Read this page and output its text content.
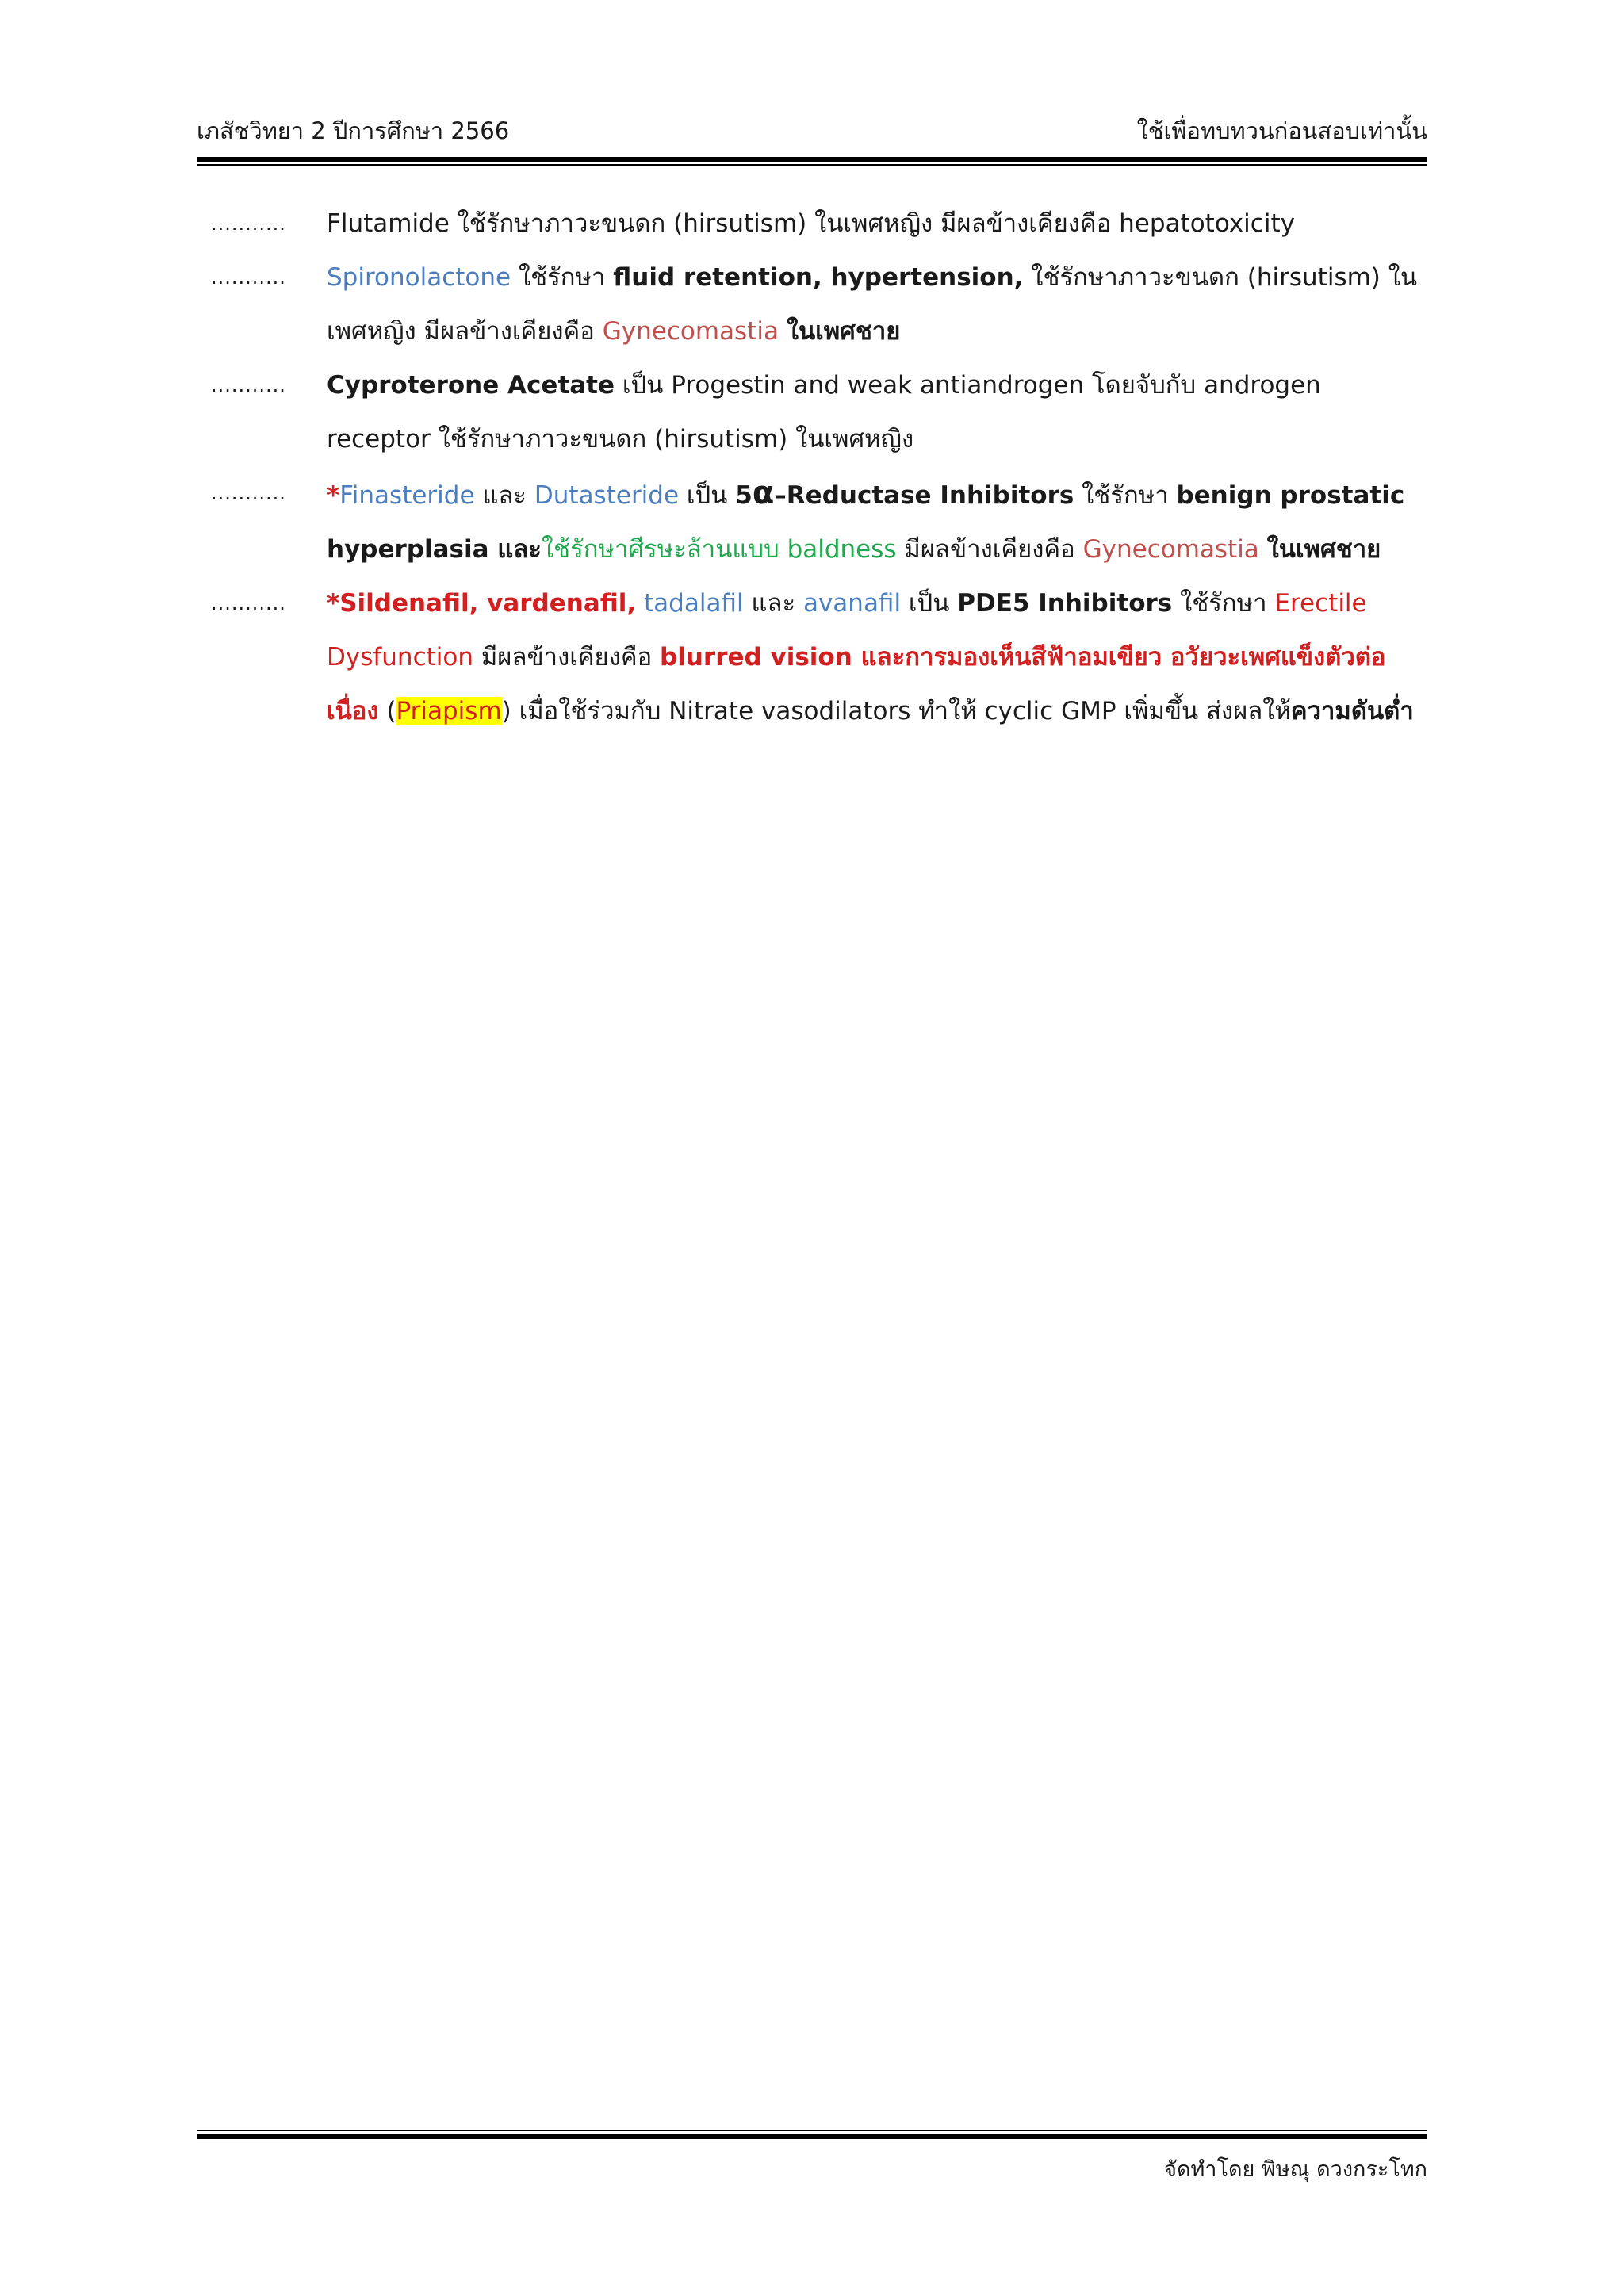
เภสัชวิทยา 2 ปีการศึกษา 2566	ใช้เพื่อทบทวนก่อนสอบเท่านั้น
........... Flutamide ใช้รักษาภาวะขนดก (hirsutism) ในเพศหญิง มีผลข้างเคียงคือ hepatotoxicity
........... Spironolactone ใช้รักษา fluid retention, hypertension, ใช้รักษาภาวะขนดก (hirsutism) ในเพศหญิง มีผลข้างเคียงคือ Gynecomastia ในเพศชาย
........... Cyproterone Acetate เป็น Progestin and weak antiandrogen โดยจับกับ androgen receptor ใช้รักษาภาวะขนดก (hirsutism) ในเพศหญิง
........... *Finasteride และ Dutasteride เป็น 5α–Reductase Inhibitors ใช้รักษา benign prostatic hyperplasia และใช้รักษาศีรษะล้านแบบ baldness มีผลข้างเคียงคือ Gynecomastia ในเพศชาย
........... *Sildenafil, vardenafil, tadalafil และ avanafil เป็น PDE5 Inhibitors ใช้รักษา Erectile Dysfunction มีผลข้างเคียงคือ blurred vision และการมองเห็นสีฟ้าอมเขียว อวัยวะเพศแข็งตัวต่อเนื่อง (Priapism) เมื่อใช้ร่วมกับ Nitrate vasodilators ทำให้ cyclic GMP เพิ่มขึ้น ส่งผลให้ความดันต่ำ
จัดทำโดย พิษณุ ดวงกระโทก
